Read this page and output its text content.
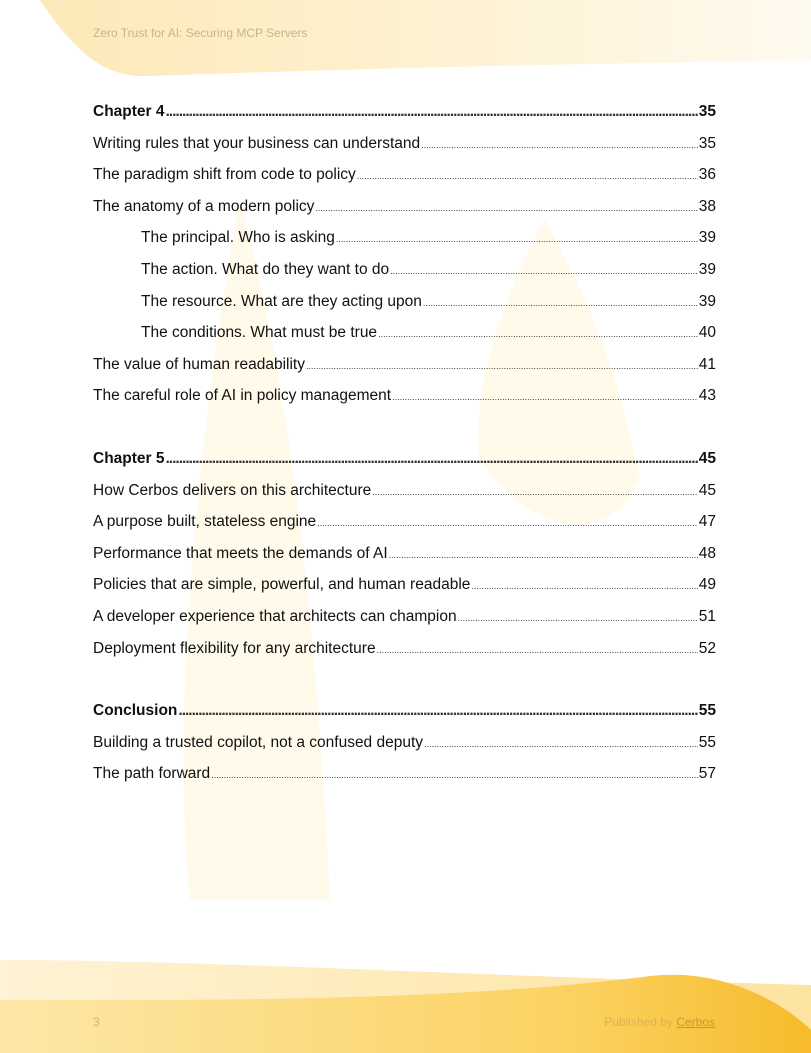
Zero Trust for AI: Securing MCP Servers
Chapter 4 .....	35
Writing rules that your business can understand .....	35
The paradigm shift from code to policy .....	36
The anatomy of a modern policy .....	38
The principal. Who is asking .....	39
The action. What do they want to do .....	39
The resource. What are they acting upon .....	39
The conditions. What must be true .....	40
The value of human readability .....	41
The careful role of AI in policy management .....	43
Chapter 5 .....	45
How Cerbos delivers on this architecture .....	45
A purpose built, stateless engine .....	47
Performance that meets the demands of AI .....	48
Policies that are simple, powerful, and human readable .....	49
A developer experience that architects can champion .....	51
Deployment flexibility for any architecture .....	52
Conclusion .....	55
Building a trusted copilot, not a confused deputy .....	55
The path forward .....	57
3	Published by Cerbos
